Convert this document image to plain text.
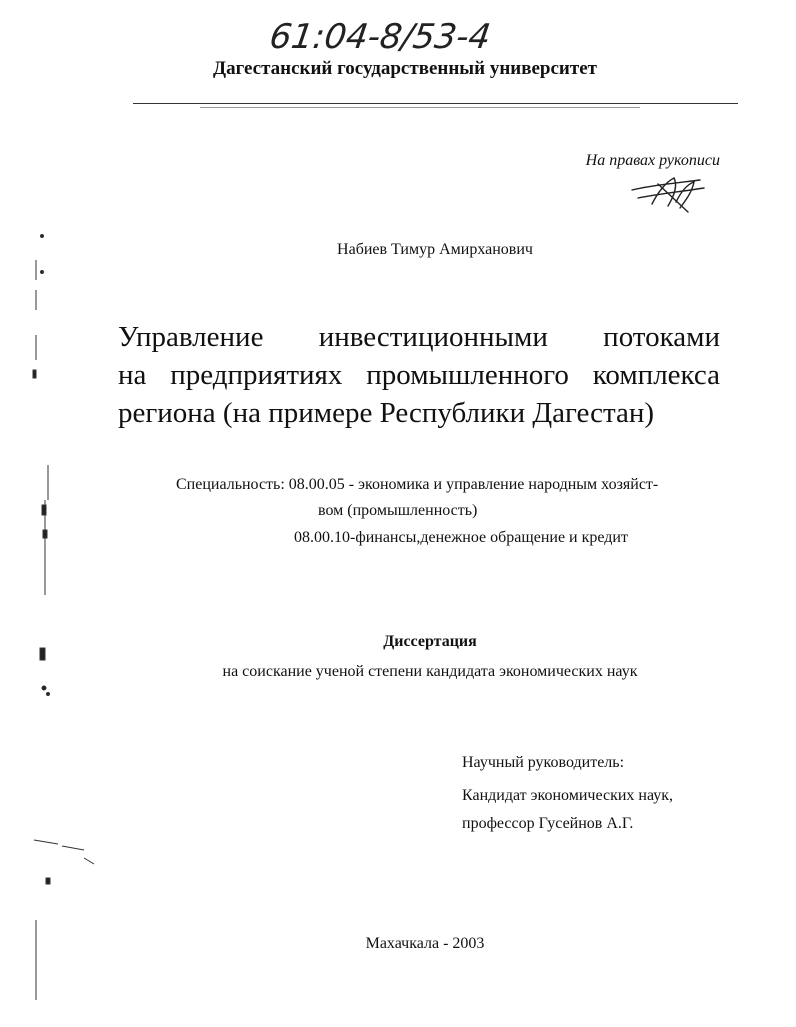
61:04-8/53-4
Дагестанский государственный университет
На правах рукописи
Набиев Тимур Амирханович
Управление инвестиционными потоками
на предприятиях промышленного комплекса
региона (на примере Республики Дагестан)
Специальность: 08.00.05 - экономика и управление народным хозяйст-
вом (промышленность)
08.00.10-финансы,денежное обращение и кредит
Диссертация
на соискание ученой степени кандидата экономических наук
Научный руководитель:
Кандидат экономических наук,
профессор Гусейнов А.Г.
Махачкала - 2003
